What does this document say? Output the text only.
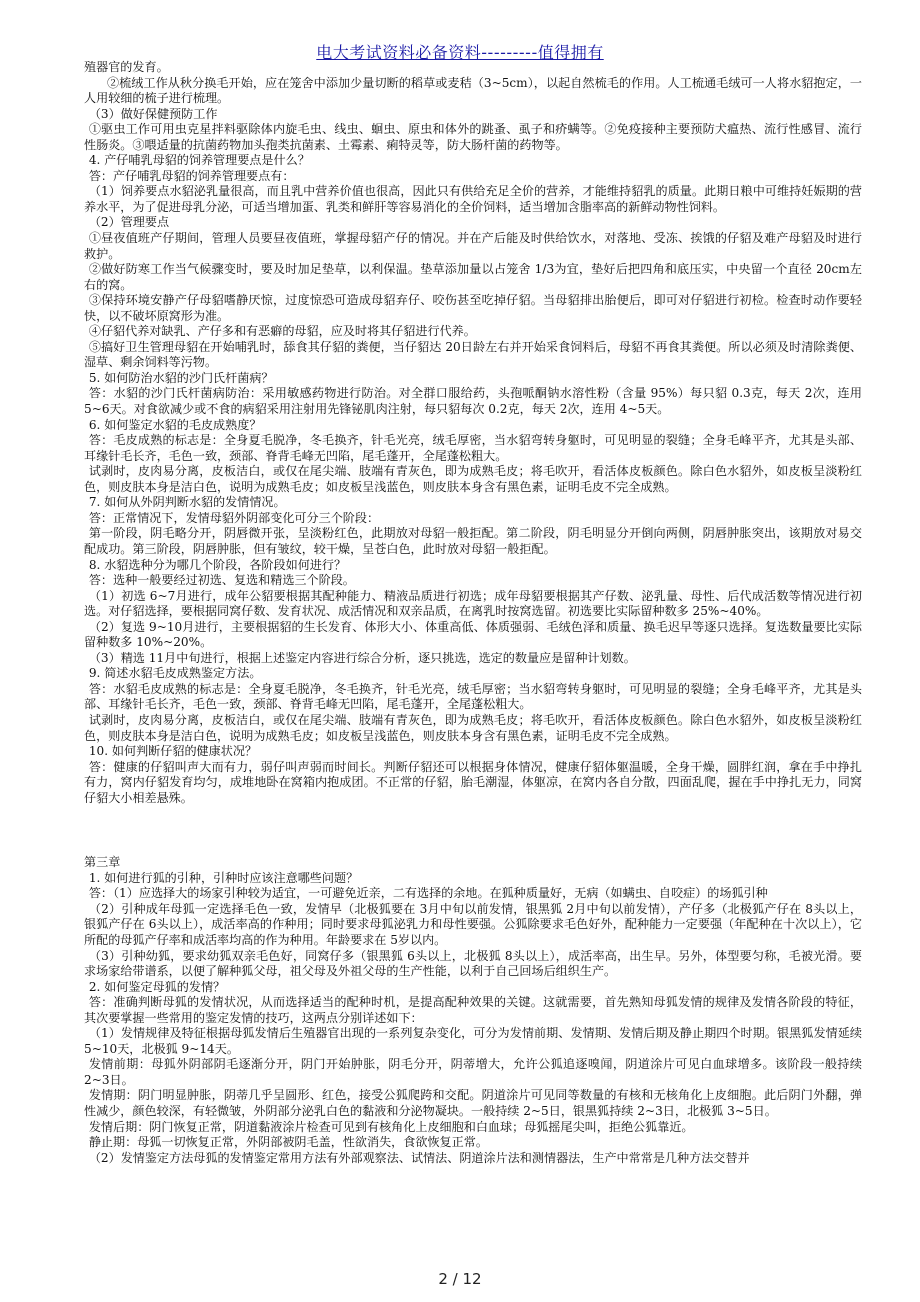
电大考试资料必备资料---------值得拥有

殖器官的发育。

②梳绒工作从秋分换毛开始，应在笼舍中添加少量切断的稻草或麦秸（3~5cm），以起自然梳毛的作用。人工梳通毛绒可一人将水貂抱定，一人用较细的梳子进行梳理。

（3）做好保健预防工作

①驱虫工作可用虫克星拌料驱除体内旋毛虫、线虫、蛔虫、原虫和体外的跳蚤、虱子和疥螨等。②免疫接种主要预防犬瘟热、流行性感冒、流行性肠炎。③喂适量的抗菌药物加头孢类抗菌素、土霉素、痢特灵等，防大肠杆菌的药物等。

4. 产仔哺乳母貂的饲养管理要点是什么？

答：产仔哺乳母貂的饲养管理要点有：

（1）饲养要点水貂泌乳量很高，而且乳中营养价值也很高，因此只有供给充足全价的营养，才能维持貂乳的质量。此期日粮中可维持妊娠期的营养水平，为了促进母乳分泌，可适当增加蛋、乳类和鲜肝等容易消化的全价饲料，适当增加含脂率高的新鲜动物性饲料。

（2）管理要点

①昼夜值班产仔期间，管理人员要昼夜值班，掌握母貂产仔的情况。并在产后能及时供给饮水，对落地、受冻、挨饿的仔貂及难产母貂及时进行救护。

②做好防寒工作当气候骤变时，要及时加足垫草，以利保温。垫草添加量以占笼舍 1/3为宜，垫好后把四角和底压实，中央留一个直径 20cm左右的窝。

③保持环境安静产仔母貂嗜静厌惊，过度惊恐可造成母貂弃仔、咬伤甚至吃掉仔貂。当母貂排出胎便后，即可对仔貂进行初检。检查时动作要轻快，以不破坏原窝形为准。

④仔貂代养对缺乳、产仔多和有恶癖的母貂，应及时将其仔貂进行代养。

⑤搞好卫生管理母貂在开始哺乳时，舔食其仔貂的粪便，当仔貂达 20日龄左右并开始采食饲料后，母貂不再食其粪便。所以必须及时清除粪便、湿草、剩余饲料等污物。

5. 如何防治水貂的沙门氏杆菌病？

答：水貂的沙门氏杆菌病防治：采用敏感药物进行防治。对全群口服给药，头孢哌酮钠水溶性粉（含量 95%）每只貂 0.3克，每天 2次，连用 5~6天。对食欲减少或不食的病貂采用注射用先锋铋肌肉注射，每只貂每次 0.2克，每天 2次，连用 4~5天。

6. 如何鉴定水貂的毛皮成熟度？

答：毛皮成熟的标志是：全身夏毛脱净，冬毛换齐，针毛光亮，绒毛厚密，当水貂弯转身躯时，可见明显的裂缝；全身毛峰平齐，尤其是头部、耳缘针毛长齐，毛色一致，颈部、脊背毛峰无凹陷，尾毛蓬开，全尾蓬松粗大。

试剥时，皮肉易分离，皮板洁白，或仅在尾尖端、肢端有青灰色，即为成熟毛皮；将毛吹开，看活体皮板颜色。除白色水貂外，如皮板呈淡粉红色，则皮肤本身是洁白色，说明为成熟毛皮；如皮板呈浅蓝色，则皮肤本身含有黑色素，证明毛皮不完全成熟。

7. 如何从外阴判断水貂的发情情况。

答：正常情况下，发情母貂外阴部变化可分三个阶段：

第一阶段，阴毛略分开，阴唇微开张，呈淡粉红色，此期放对母貂一般拒配。第二阶段，阴毛明显分开倒向两侧，阴唇肿胀突出，该期放对易交配成功。第三阶段，阴唇肿胀，但有皱纹，较干燥，呈苍白色，此时放对母貂一般拒配。

8. 水貂选种分为哪几个阶段，各阶段如何进行？

答：选种一般要经过初选、复选和精选三个阶段。

（1）初选 6~7月进行，成年公貂要根据其配种能力、精液品质进行初选；成年母貂要根据其产仔数、泌乳量、母性、后代成活数等情况进行初选。对仔貂选择，要根据同窝仔数、发育状况、成活情况和双亲品质，在离乳时按窝选留。初选要比实际留种数多 25%~40%。

（2）复选 9~10月进行，主要根据貂的生长发育、体形大小、体重高低、体质强弱、毛绒色泽和质量、换毛迟早等逐只选择。复选数量要比实际留种数多 10%~20%。

（3）精选 11月中旬进行，根据上述鉴定内容进行综合分析，逐只挑选，选定的数量应是留种计划数。

9. 简述水貂毛皮成熟鉴定方法。

答：水貂毛皮成熟的标志是：全身夏毛脱净，冬毛换齐，针毛光亮，绒毛厚密；当水貂弯转身躯时，可见明显的裂缝；全身毛峰平齐，尤其是头部、耳缘针毛长齐，毛色一致，颈部、脊背毛峰无凹陷，尾毛蓬开，全尾蓬松粗大。

试剥时，皮肉易分离，皮板洁白，或仅在尾尖端、肢端有青灰色，即为成熟毛皮；将毛吹开，看活体皮板颜色。除白色水貂外，如皮板呈淡粉红色，则皮肤本身是洁白色，说明为成熟毛皮；如皮板呈浅蓝色，则皮肤本身含有黑色素，证明毛皮不完全成熟。

10. 如何判断仔貂的健康状况？

答：健康的仔貂叫声大而有力，弱仔叫声弱而时间长。判断仔貂还可以根据身体情况，健康仔貂体躯温暖，全身干燥，圆胖红润，拿在手中挣扎有力，窝内仔貂发育均匀，成堆地卧在窝箱内抱成团。不正常的仔貂，胎毛潮湿，体躯凉，在窝内各自分散，四面乱爬，握在手中挣扎无力，同窝仔貂大小相差悬殊。

第三章

1. 如何进行狐的引种，引种时应该注意哪些问题？

答：（1）应选择大的场家引种较为适宜，一可避免近亲，二有选择的余地。在狐种质量好，无病（如螨虫、自咬症）的场狐引种

（2）引种成年母狐一定选择毛色一致，发情早（北极狐要在 3月中旬以前发情，银黑狐 2月中旬以前发情），产仔多（北极狐产仔在 8头以上，银狐产仔在 6头以上），成活率高的作种用；同时要求母狐泌乳力和母性要强。公狐除要求毛色好外，配种能力一定要强（年配种在十次以上），它所配的母狐产仔率和成活率均高的作为种用。年龄要求在 5岁以内。

（3）引种幼狐，要求幼狐双亲毛色好，同窝仔多（银黑狐 6头以上，北极狐 8头以上），成活率高，出生早。另外，体型要匀称，毛被光滑。要求场家给带谱系，以便了解种狐父母，祖父母及外祖父母的生产性能，以利于自己回场后组织生产。

2. 如何鉴定母狐的发情？

答：准确判断母狐的发情状况，从而选择适当的配种时机，是提高配种效果的关键。这就需要，首先熟知母狐发情的规律及发情各阶段的特征，其次要掌握一些常用的鉴定发情的技巧，这两点分别详述如下：

（1）发情规律及特征根据母狐发情后生殖器官出现的一系列复杂变化，可分为发情前期、发情期、发情后期及静止期四个时期。银黑狐发情延续 5~10天，北极狐 9~14天。

发情前期：母狐外阴部阴毛逐渐分开，阴门开始肿胀，阴毛分开，阴蒂增大，允许公狐追逐嗅闻，阴道涂片可见白血球增多。该阶段一般持续 2~3日。

发情期：阴门明显肿胀，阴蒂几乎呈圆形、红色，接受公狐爬跨和交配。阴道涂片可见同等数量的有核和无核角化上皮细胞。此后阴门外翻，弹性减少，颜色较深，有轻微皱，外阴部分泌乳白色的黏液和分泌物凝块。一般持续 2~5日，银黑狐持续 2~3日，北极狐 3~5日。

发情后期：阴门恢复正常，阴道黏液涂片检查可见到有核角化上皮细胞和白血球；母狐摇尾尖叫，拒绝公狐靠近。

静止期：母狐一切恢复正常，外阴部被阴毛盖，性欲消失，食欲恢复正常。

（2）发情鉴定方法母狐的发情鉴定常用方法有外部观察法、试情法、阴道涂片法和测情器法，生产中常常是几种方法交替并

2 / 12
